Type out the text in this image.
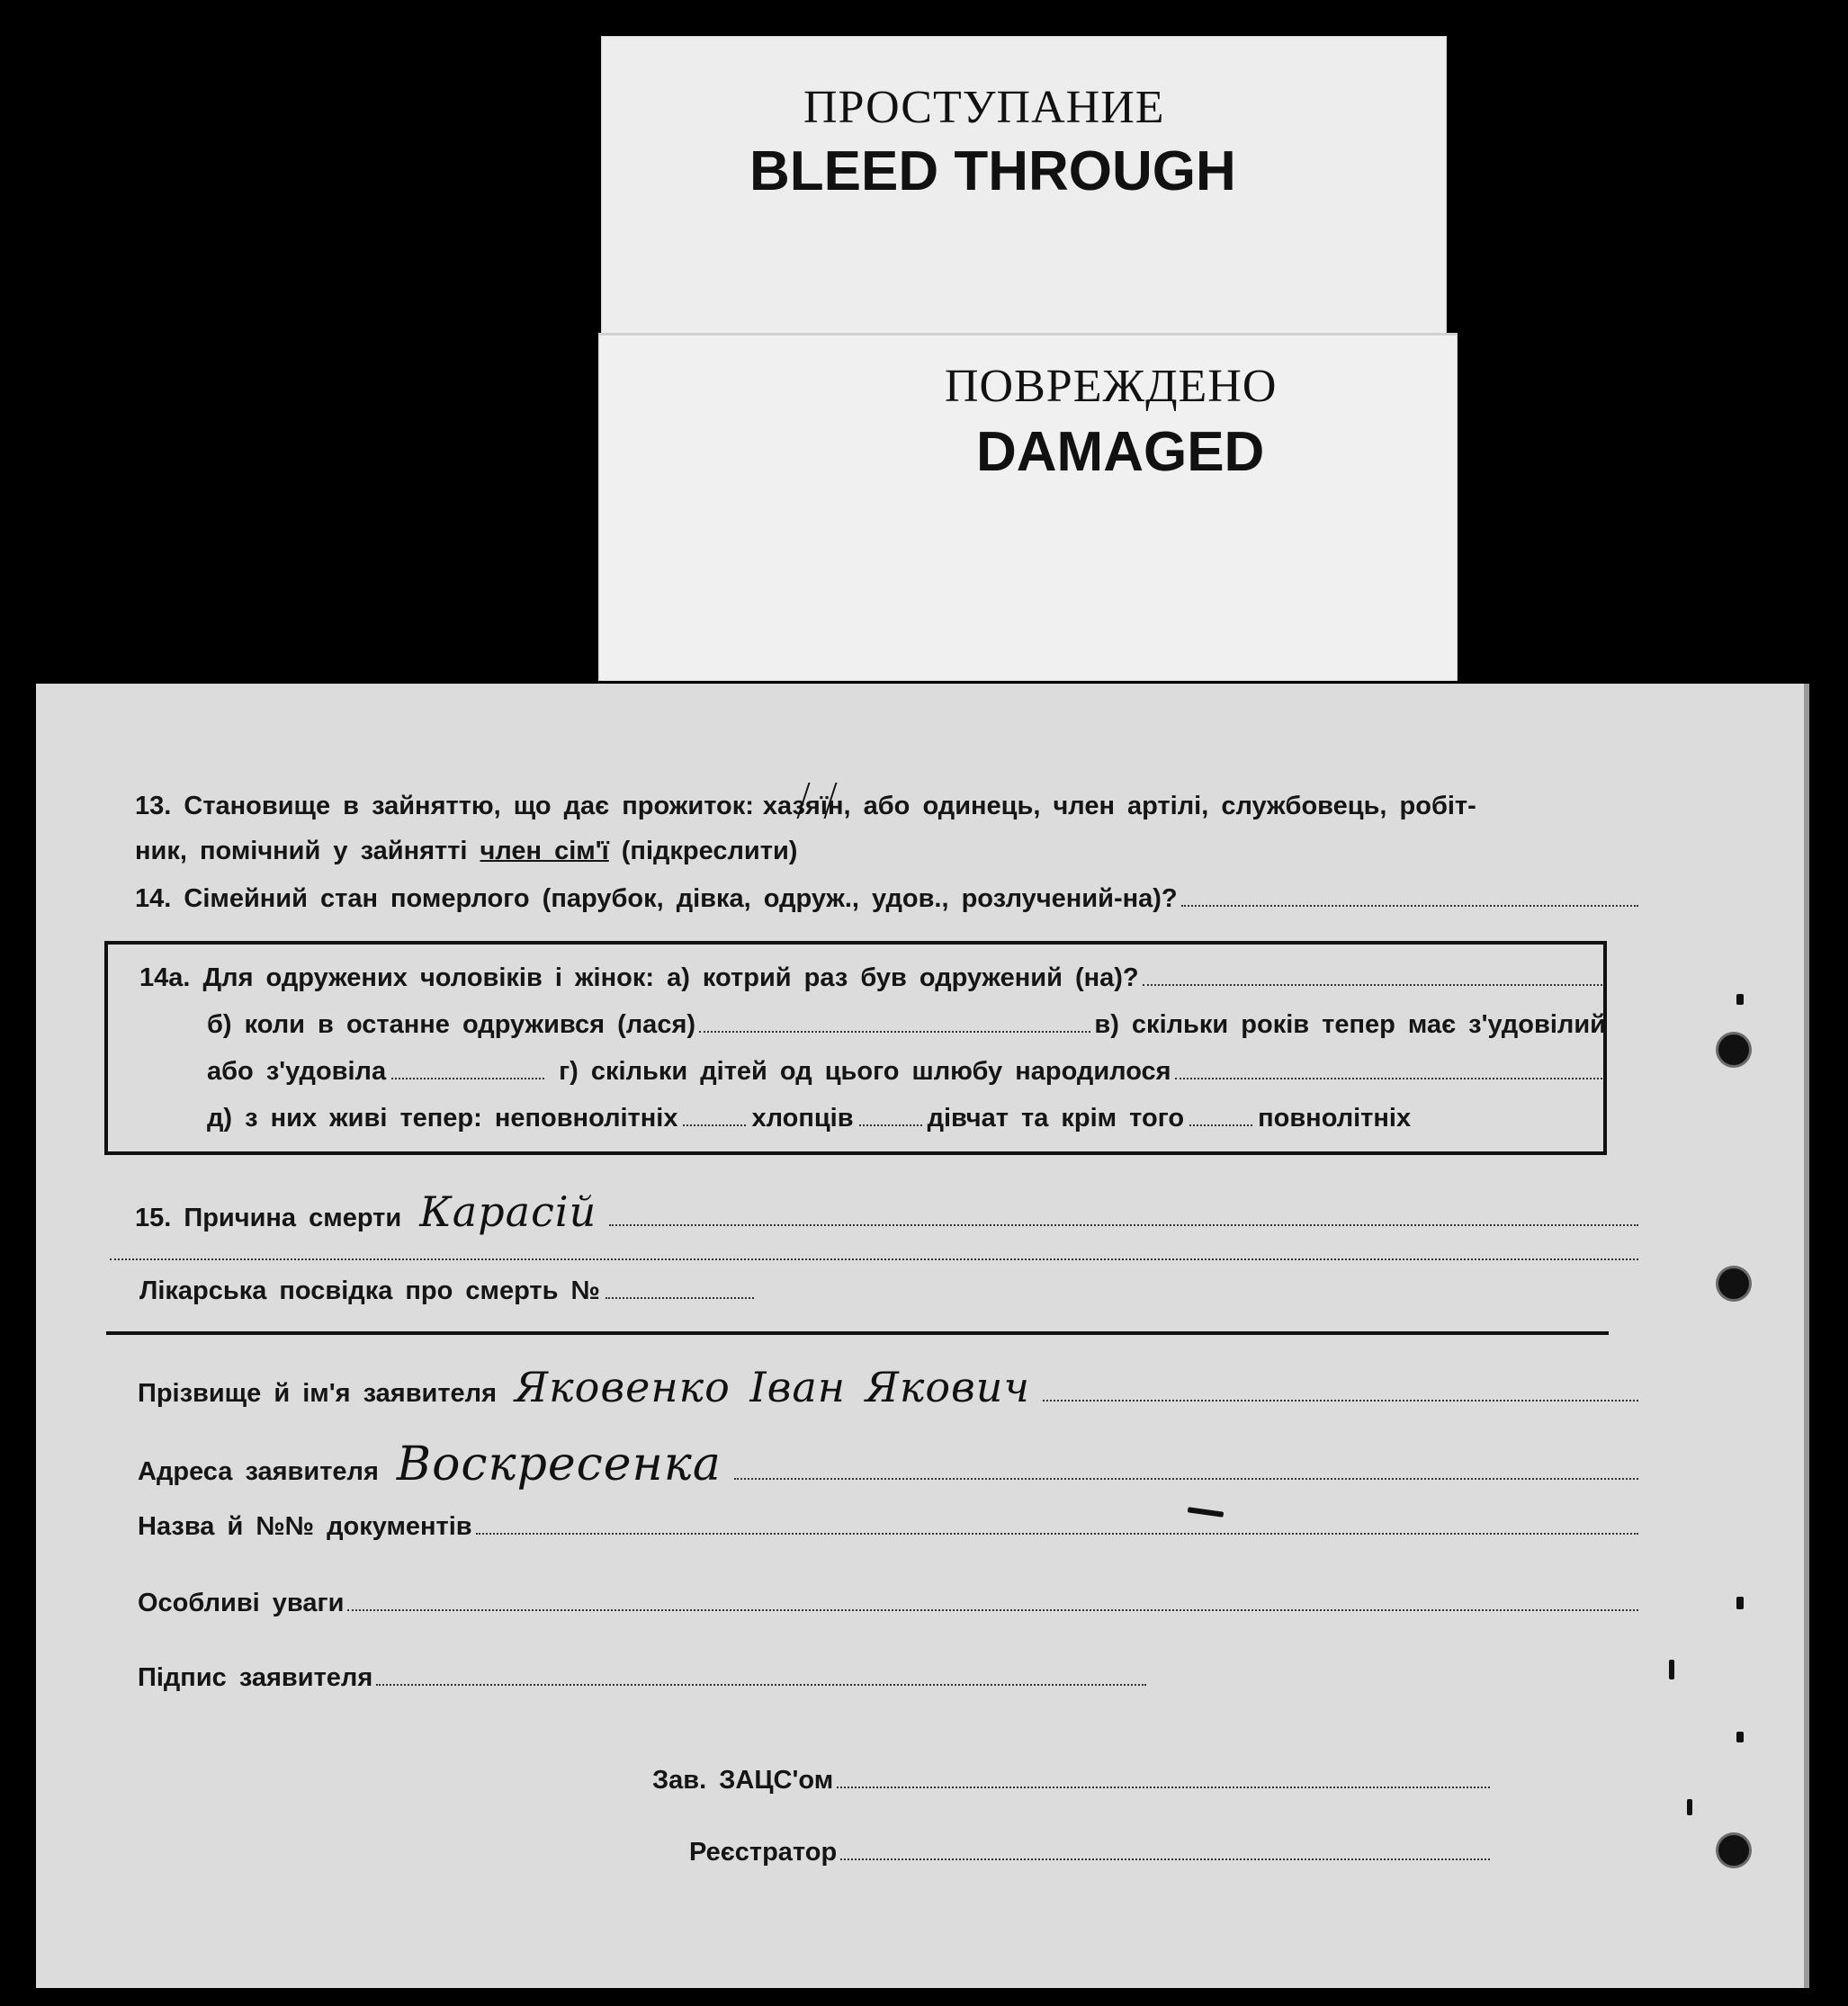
ПРОСТУПАНИЕ
BLEED THROUGH
ПОВРЕЖДЕНО
DAMAGED
13. Становище в зайняттю, що дає прожиток: хазяїн , або одинець, член артілі, службовець, робіт-
ник, помічний у зайнятті член сім'ї (підкреслити)
14. Сімейний стан померлого (парубок, дівка, одруж., удов., розлучений-на)?
14а. Для одружених чоловіків і жінок: а) котрий раз був одружений (на)?
б) коли в останне одружився (лася)	в) скільки років тепер має з'удовілий
або з'удовіла	г) скільки дітей од цього шлюбу народилося
д) з них живі тепер: неповнолітніх	хлопців	дівчат та крім того	повнолітніх
15. Причина смерти Карасій
Лікарська посвідка про смерть №
Прізвище й ім'я заявителя Яковенко Іван Якович
Адреса заявителя Воскресенка
Назва й №№ документів
Особливі уваги
Підпис заявителя
Зав. ЗАЦС'ом
Реєстратор
